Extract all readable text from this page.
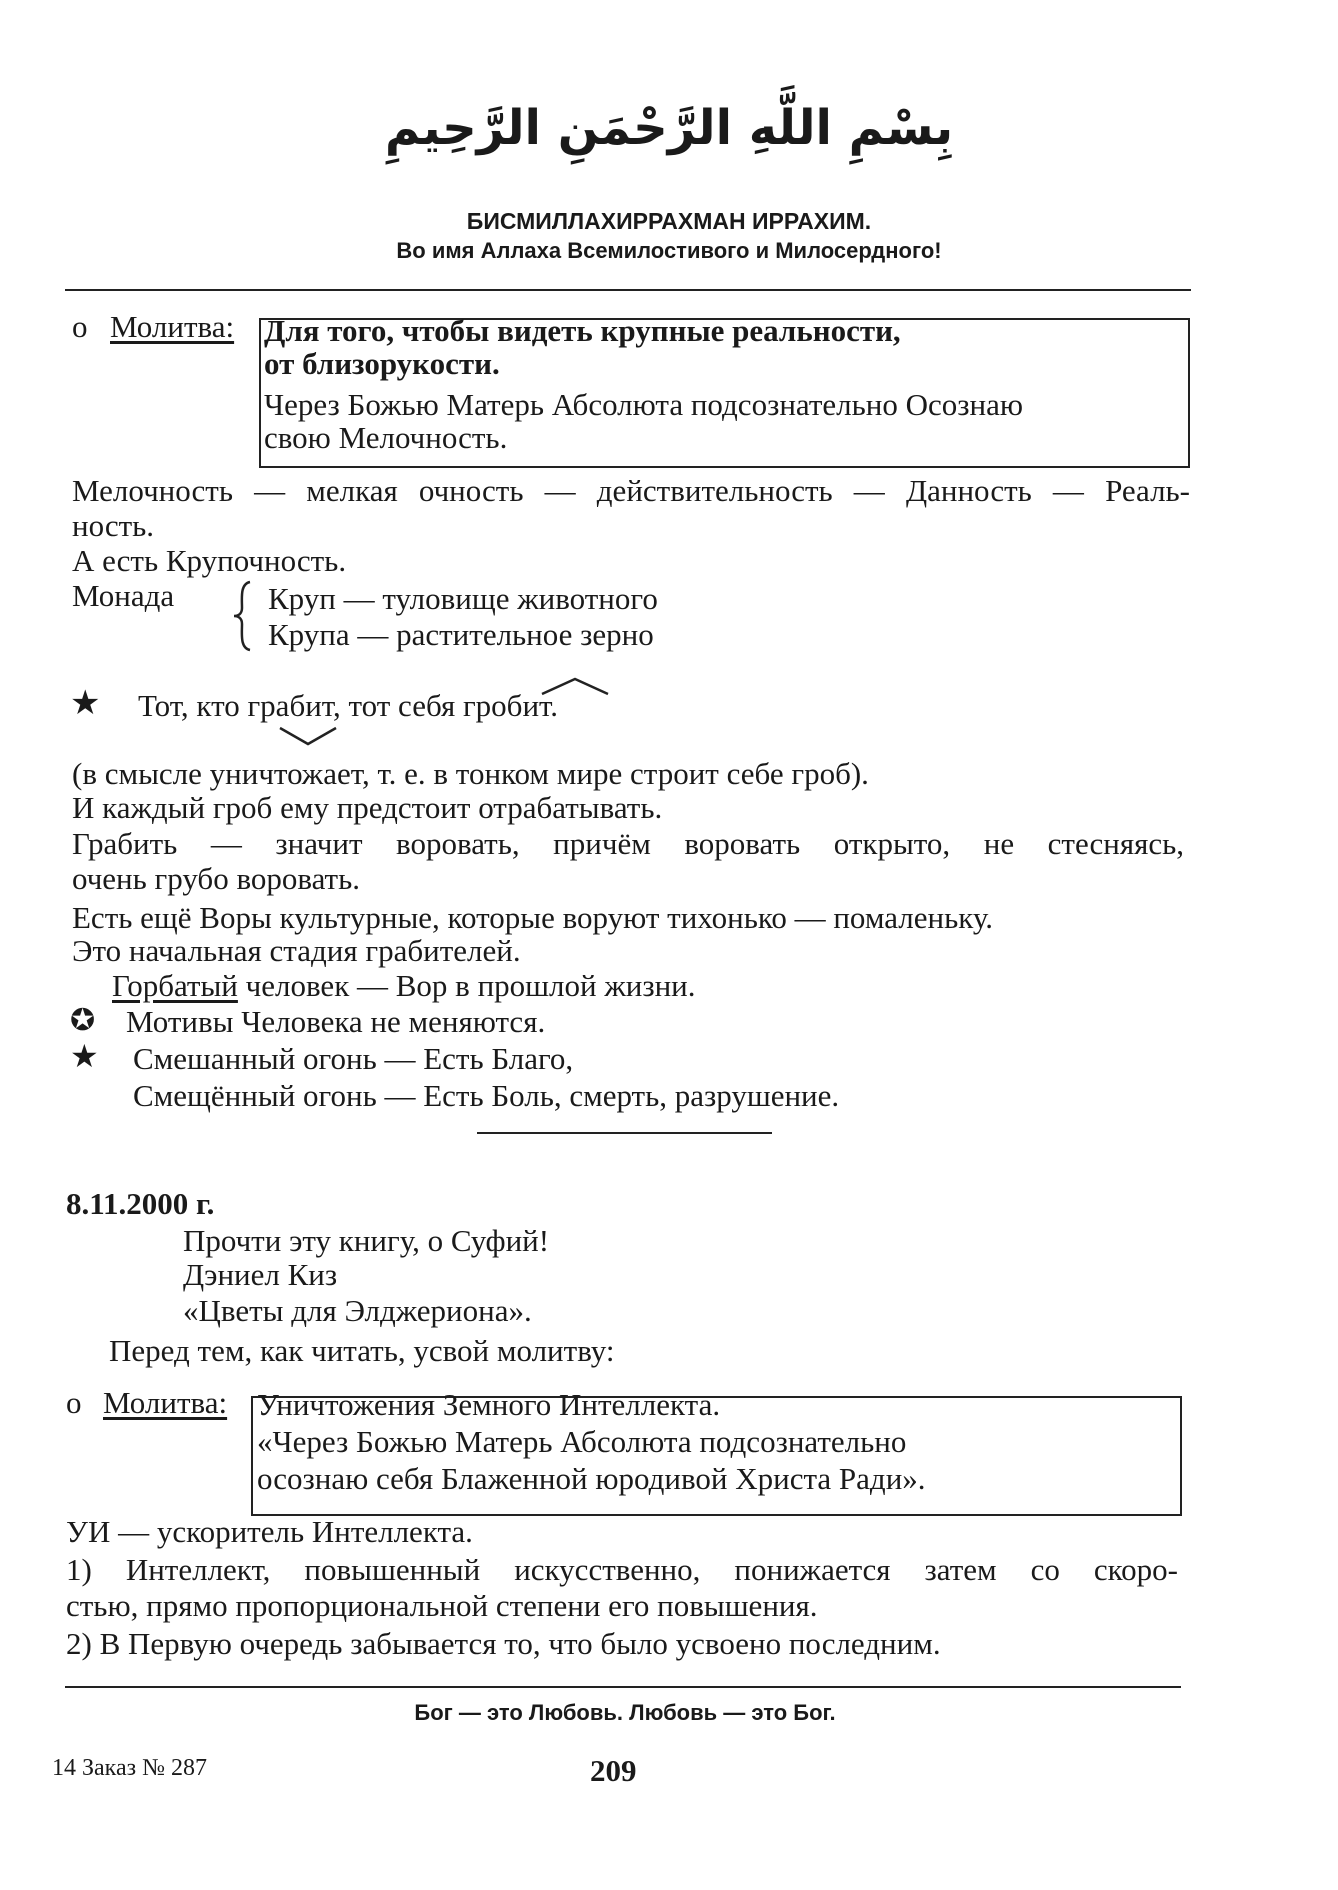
بِسْمِ اللَّهِ الرَّحْمَنِ الرَّحِيمِ
БИСМИЛЛАХИРРАХМАН ИРРАХИМ.
Во имя Аллаха Всемилостивого и Милосердного!
o Молитва: Для того, чтобы видеть крупные реальности,
от близорукости.
Через Божью Матерь Абсолюта подсознательно Осознаю
свою Мелочность.
Мелочность — мелкая очность — действительность — Данность — Реаль-
ность.
А есть Крупочность.
Монада	Круп — туловище животного
Крупа — растительное зерно
★ Тот, кто грабит, тот себя гробит.
(в смысле уничтожает, т. е. в тонком мире строит себе гроб).
И каждый гроб ему предстоит отрабатывать.
Грабить — значит воровать, причём воровать открыто, не стесняясь,
очень грубо воровать.
Есть ещё Воры культурные, которые воруют тихонько — помаленьку.
Это начальная стадия грабителей.
Горбатый человек — Вор в прошлой жизни.
✪ Мотивы Человека не меняются.
★ Смешанный огонь — Есть Благо,
Смещённый огонь — Есть Боль, смерть, разрушение.
8.11.2000 г.
Прочти эту книгу, о Суфий!
Дэниел Киз
«Цветы для Элджериона».
Перед тем, как читать, усвой молитву:
o Молитва: Уничтожения Земного Интеллекта.
«Через Божью Матерь Абсолюта подсознательно
осознаю себя Блаженной юродивой Христа Ради».
УИ — ускоритель Интеллекта.
1) Интеллект, повышенный искусственно, понижается затем со скоро-
стью, прямо пропорциональной степени его повышения.
2) В Первую очередь забывается то, что было усвоено последним.
Бог — это Любовь. Любовь — это Бог.
14 Заказ № 287	209
